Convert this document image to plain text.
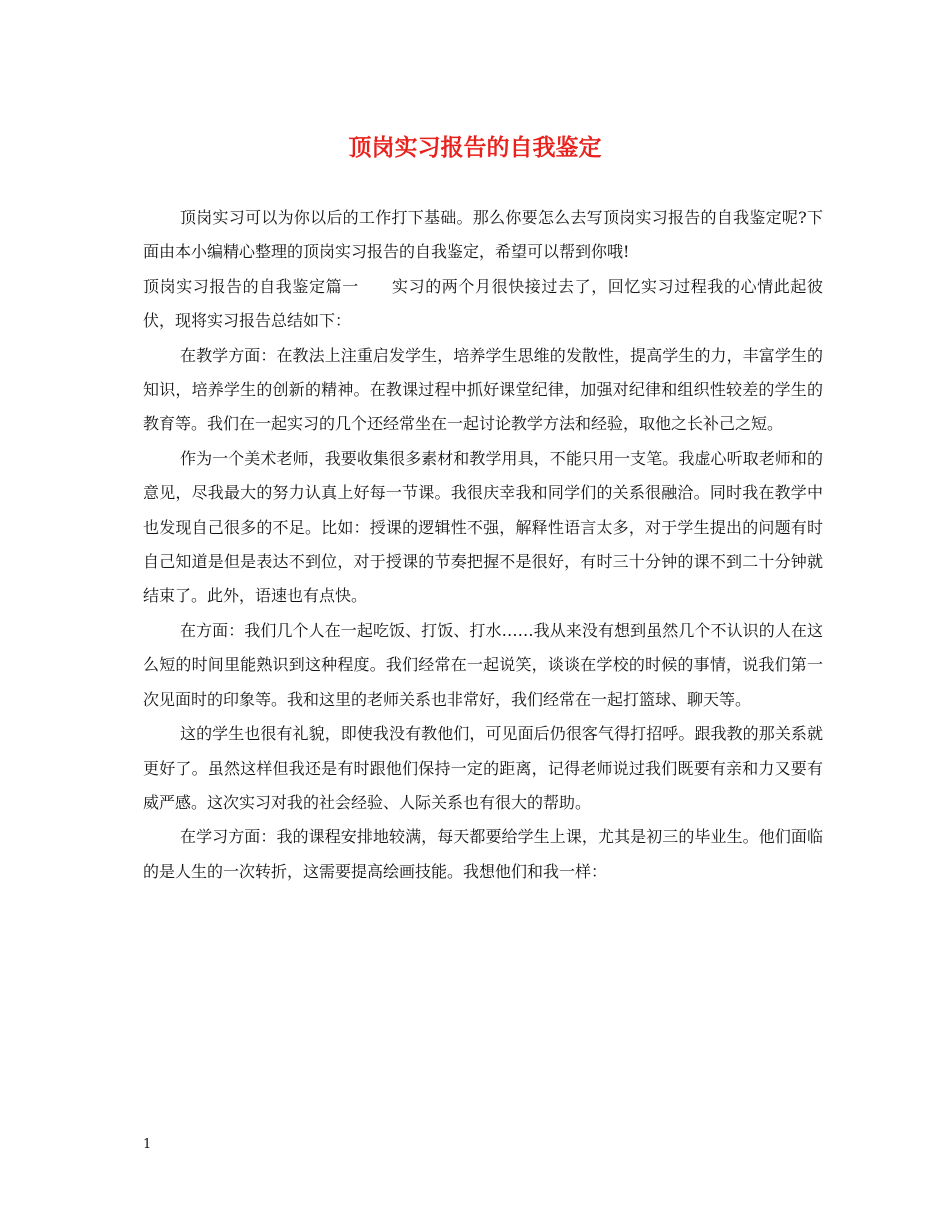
顶岗实习报告的自我鉴定

顶岗实习可以为你以后的工作打下基础。那么你要怎么去写顶岗实习报告的自我鉴定呢?下面由本小编精心整理的顶岗实习报告的自我鉴定，希望可以帮到你哦!

顶岗实习报告的自我鉴定篇一　　实习的两个月很快接过去了，回忆实习过程我的心情此起彼伏，现将实习报告总结如下：

在教学方面：在教法上注重启发学生，培养学生思维的发散性，提高学生的力，丰富学生的知识，培养学生的创新的精神。在教课过程中抓好课堂纪律，加强对纪律和组织性较差的学生的教育等。我们在一起实习的几个还经常坐在一起讨论教学方法和经验，取他之长补己之短。

作为一个美术老师，我要收集很多素材和教学用具，不能只用一支笔。我虚心听取老师和的意见，尽我最大的努力认真上好每一节课。我很庆幸我和同学们的关系很融洽。同时我在教学中也发现自己很多的不足。比如：授课的逻辑性不强，解释性语言太多，对于学生提出的问题有时自己知道是但是表达不到位，对于授课的节奏把握不是很好，有时三十分钟的课不到二十分钟就结束了。此外，语速也有点快。

在方面：我们几个人在一起吃饭、打饭、打水……我从来没有想到虽然几个不认识的人在这么短的时间里能熟识到这种程度。我们经常在一起说笑，谈谈在学校的时候的事情，说我们第一次见面时的印象等。我和这里的老师关系也非常好，我们经常在一起打篮球、聊天等。

这的学生也很有礼貌，即使我没有教他们，可见面后仍很客气得打招呼。跟我教的那关系就更好了。虽然这样但我还是有时跟他们保持一定的距离，记得老师说过我们既要有亲和力又要有威严感。这次实习对我的社会经验、人际关系也有很大的帮助。

在学习方面：我的课程安排地较满，每天都要给学生上课，尤其是初三的毕业生。他们面临的是人生的一次转折，这需要提高绘画技能。我想他们和我一样：

1
